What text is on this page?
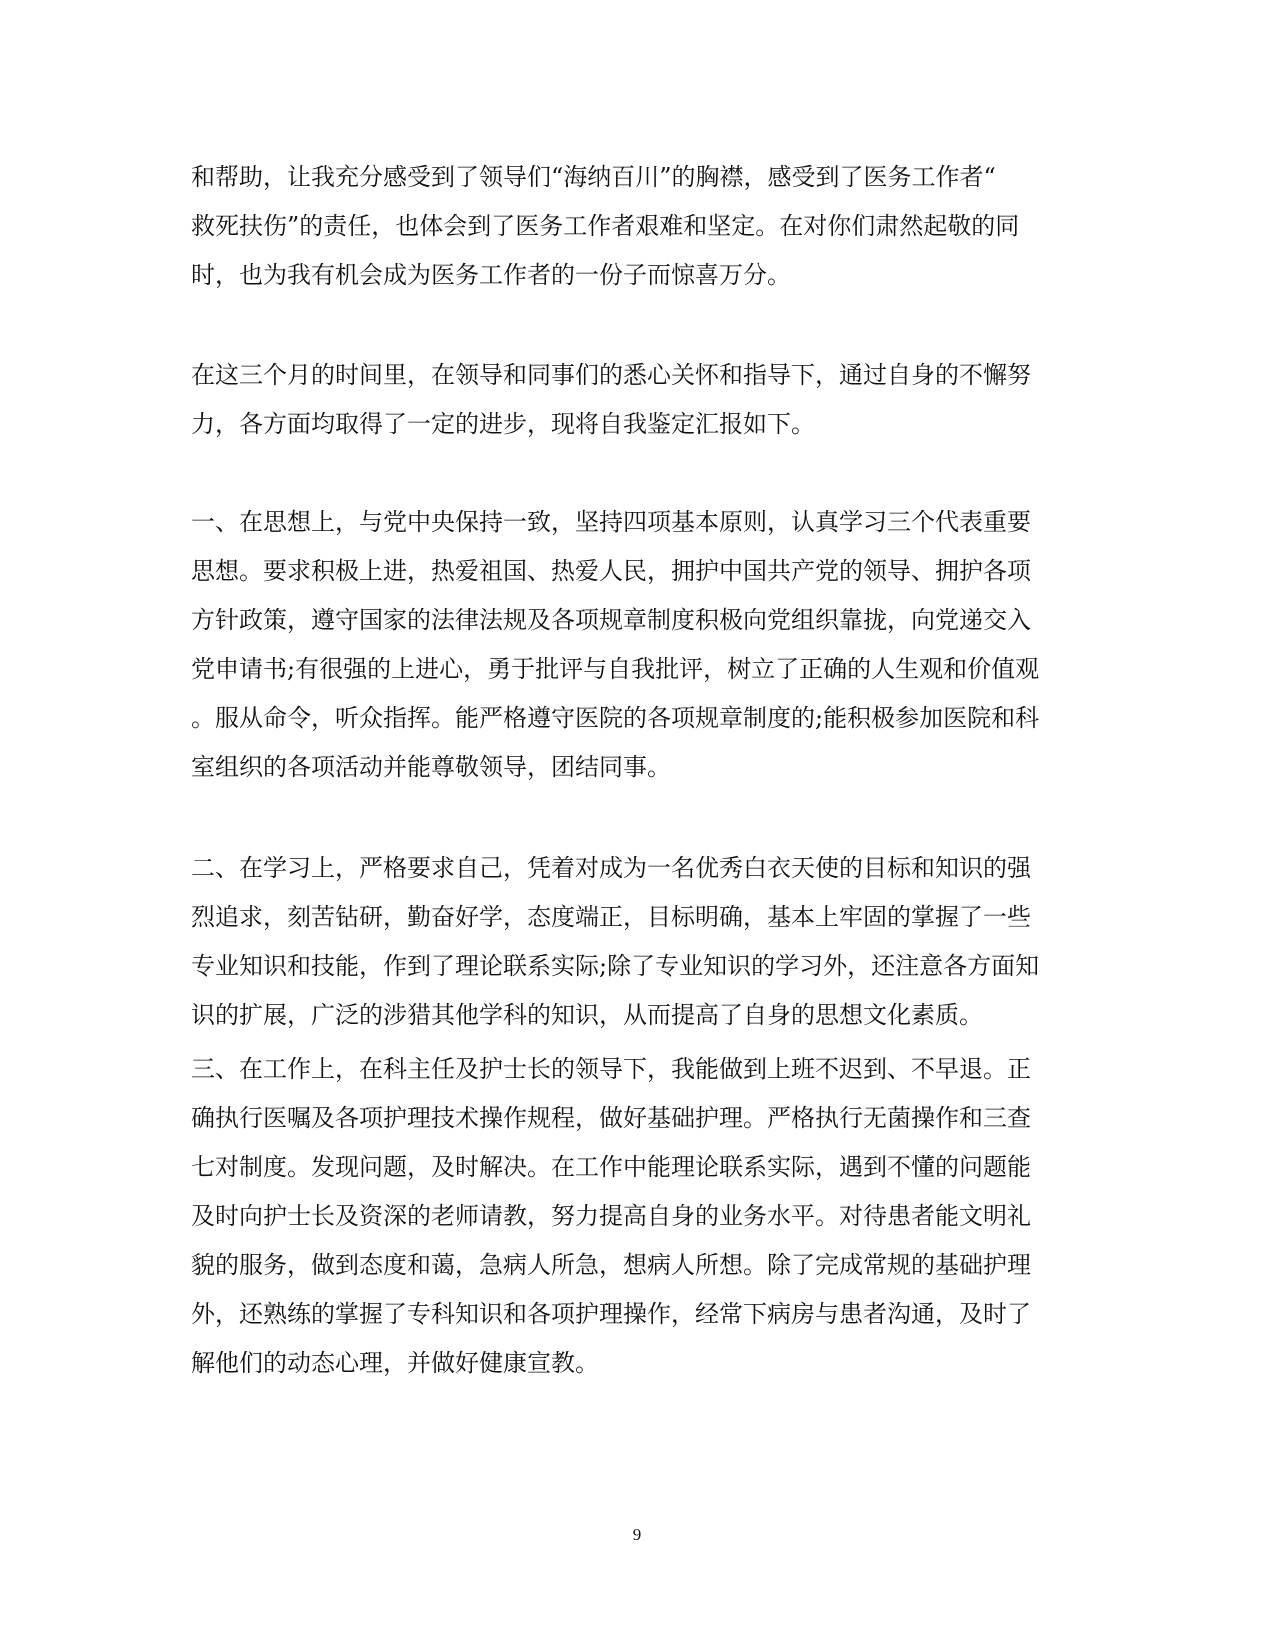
和帮助，让我充分感受到了领导们“海纳百川”的胸襟，感受到了医务工作者“
救死扶伤”的责任，也体会到了医务工作者艰难和坚定。在对你们肃然起敬的同
时，也为我有机会成为医务工作者的一份子而惊喜万分。
在这三个月的时间里，在领导和同事们的悉心关怀和指导下，通过自身的不懈努
力，各方面均取得了一定的进步，现将自我鉴定汇报如下。
一、在思想上，与党中央保持一致，坚持四项基本原则，认真学习三个代表重要
思想。要求积极上进，热爱祖国、热爱人民，拥护中国共产党的领导、拥护各项
方针政策，遵守国家的法律法规及各项规章制度积极向党组织靠拢，向党递交入
党申请书;有很强的上进心，勇于批评与自我批评，树立了正确的人生观和价值观
。服从命令，听众指挥。能严格遵守医院的各项规章制度的;能积极参加医院和科
室组织的各项活动并能尊敬领导，团结同事。
二、在学习上，严格要求自己，凭着对成为一名优秀白衣天使的目标和知识的强
烈追求，刻苦钻研，勤奋好学，态度端正，目标明确，基本上牢固的掌握了一些
专业知识和技能，作到了理论联系实际;除了专业知识的学习外，还注意各方面知
识的扩展，广泛的涉猎其他学科的知识，从而提高了自身的思想文化素质。
三、在工作上，在科主任及护士长的领导下，我能做到上班不迟到、不早退。正
确执行医嘱及各项护理技术操作规程，做好基础护理。严格执行无菌操作和三查
七对制度。发现问题，及时解决。在工作中能理论联系实际，遇到不懂的问题能
及时向护士长及资深的老师请教，努力提高自身的业务水平。对待患者能文明礼
貌的服务，做到态度和蔼，急病人所急，想病人所想。除了完成常规的基础护理
外，还熟练的掌握了专科知识和各项护理操作，经常下病房与患者沟通，及时了
解他们的动态心理，并做好健康宣教。
9
